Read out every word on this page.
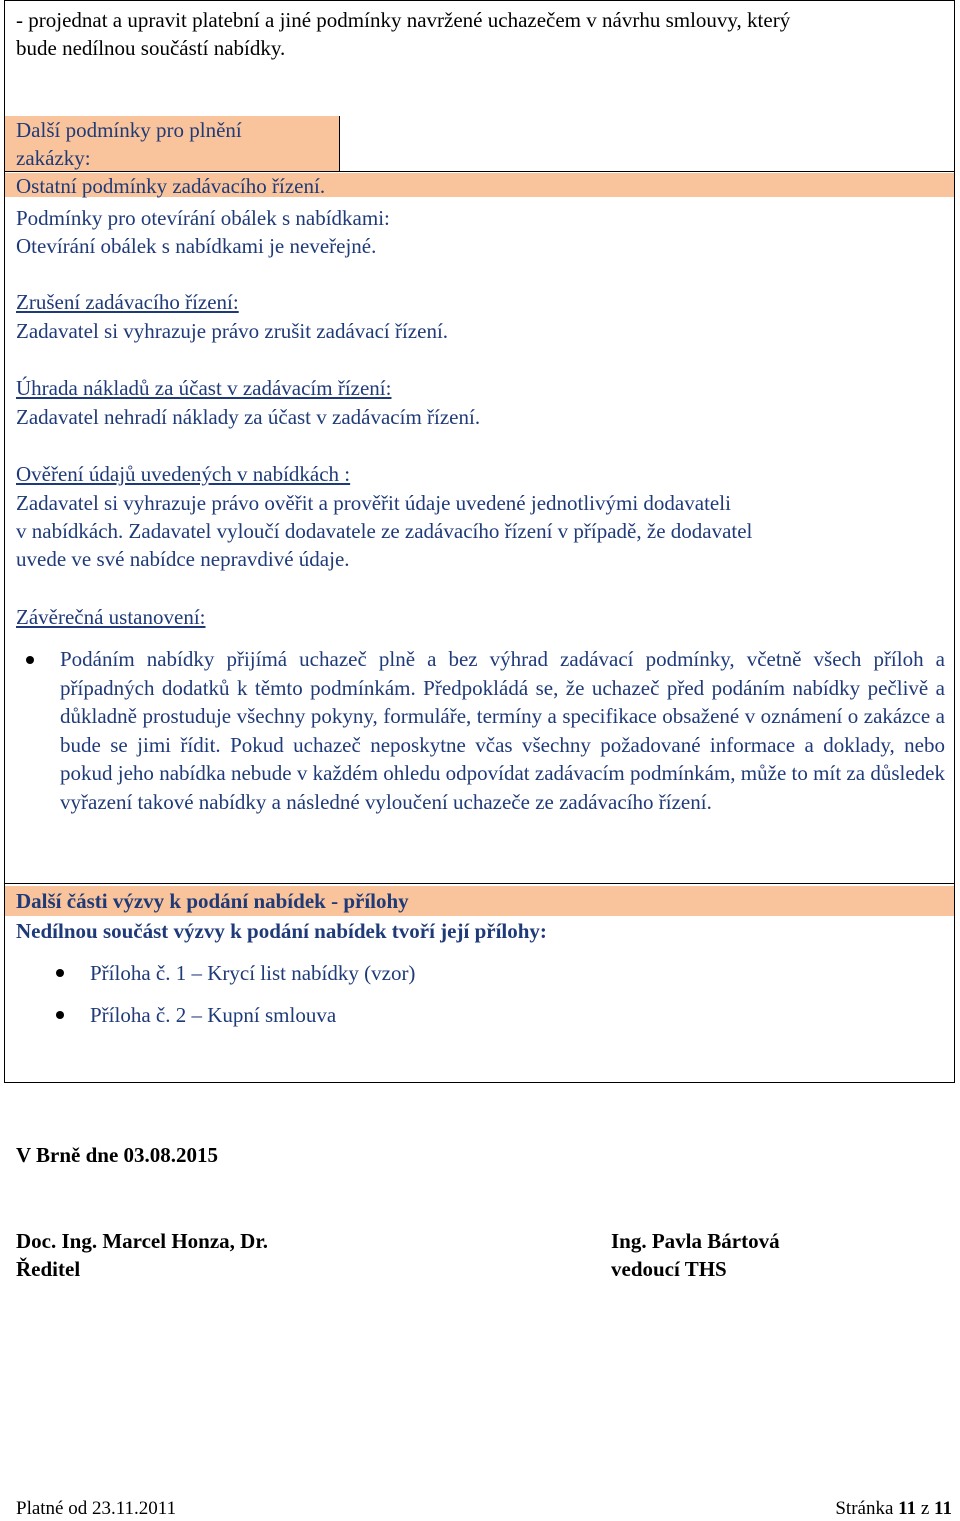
- projednat a upravit platební a jiné podmínky navržené uchazečem v návrhu smlouvy, který
bude nedílnou součástí nabídky.
Další podmínky pro plnění
zakázky:
Ostatní podmínky zadávacího řízení.
Podmínky pro otevírání obálek s nabídkami:
Otevírání obálek s nabídkami je neveřejné.
Zrušení zadávacího řízení:
Zadavatel si vyhrazuje právo zrušit zadávací řízení.
Úhrada nákladů za účast v zadávacím řízení:
Zadavatel nehradí náklady za účast v zadávacím řízení.
Ověření údajů uvedených v nabídkách :
Zadavatel si vyhrazuje právo ověřit a prověřit údaje uvedené jednotlivými dodavateli
v nabídkách. Zadavatel vyloučí dodavatele ze zadávacího řízení v případě, že dodavatel
uvede ve své nabídce nepravdivé údaje.
Závěrečná ustanovení:
Podáním nabídky přijímá uchazeč plně a bez výhrad zadávací podmínky, včetně všech příloh a případných dodatků k těmto podmínkám. Předpokládá se, že uchazeč před podáním nabídky pečlivě a důkladně prostuduje všechny pokyny, formuláře, termíny a specifikace obsažené v oznámení o zakázce a bude se jimi řídit. Pokud uchazeč neposkytne včas všechny požadované informace a doklady, nebo pokud jeho nabídka nebude v každém ohledu odpovídat zadávacím podmínkám, může to mít za důsledek vyřazení takové nabídky a následné vyloučení uchazeče ze zadávacího řízení.
Další části výzvy k podání nabídek - přílohy
Nedílnou součást výzvy k podání nabídek tvoří její přílohy:
Příloha č. 1 – Krycí list nabídky (vzor)
Příloha č. 2 – Kupní smlouva
V Brně dne 03.08.2015
Doc. Ing. Marcel Honza, Dr.
Ředitel
Ing. Pavla Bártová
vedoucí THS
Platné od 23.11.2011	Stránka 11 z 11
